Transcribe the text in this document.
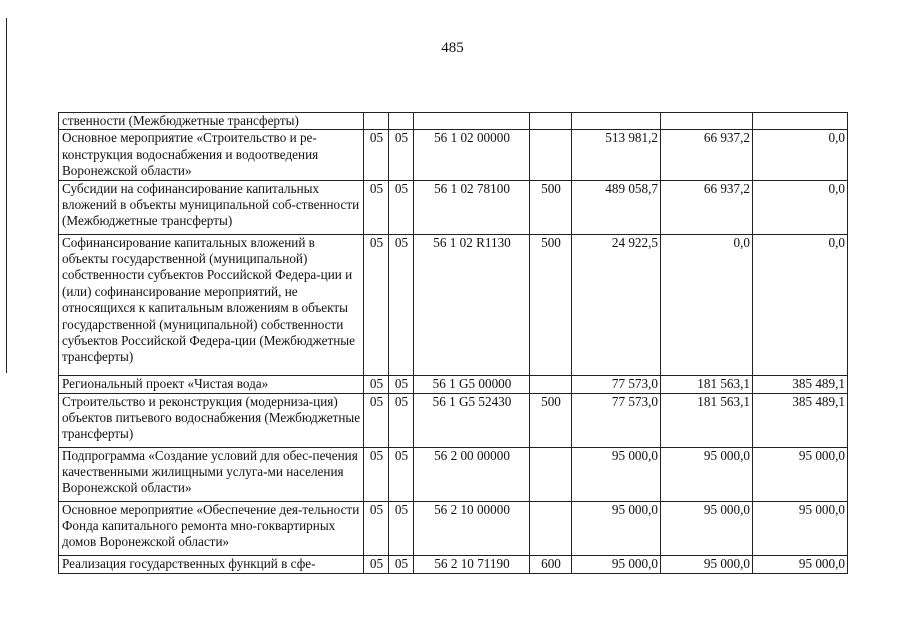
485
ственности (Межбюджетные трансферты)							
Основное мероприятие «Строительство и ре-конструкция водоснабжения и водоотведения Воронежской области»	05	05	56 1 02 00000		513 981,2	66 937,2	0,0
Субсидии на софинансирование капитальных вложений в объекты муниципальной соб-ственности (Межбюджетные трансферты)	05	05	56 1 02 78100	500	489 058,7	66 937,2	0,0
Софинансирование капитальных вложений в объекты государственной (муниципальной) собственности субъектов Российской Федера-ции и (или) софинансирование мероприятий, не относящихся к капитальным вложениям в объекты государственной (муниципальной) собственности субъектов Российской Федера-ции (Межбюджетные трансферты)	05	05	56 1 02 R1130	500	24 922,5	0,0	0,0
Региональный проект «Чистая вода»	05	05	56 1 G5 00000		77 573,0	181 563,1	385 489,1
Строительство и реконструкция (модерниза-ция) объектов питьевого водоснабжения (Межбюджетные трансферты)	05	05	56 1 G5 52430	500	77 573,0	181 563,1	385 489,1
Подпрограмма «Создание условий для обес-печения качественными жилищными услуга-ми населения Воронежской области»	05	05	56 2 00 00000		95 000,0	95 000,0	95 000,0
Основное мероприятие «Обеспечение дея-тельности Фонда капитального ремонта мно-гоквартирных домов Воронежской области»	05	05	56 2 10 00000		95 000,0	95 000,0	95 000,0
Реализация государственных функций в сфе-	05	05	56 2 10 71190	600	95 000,0	95 000,0	95 000,0
